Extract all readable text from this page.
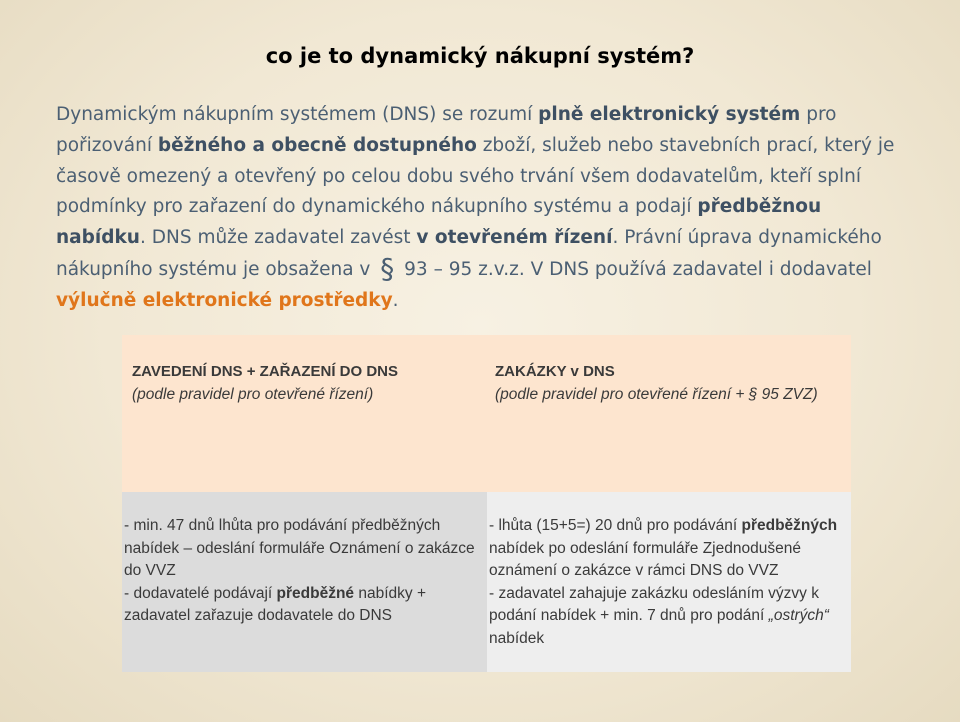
co je to dynamický nákupní systém?

Dynamickým nákupním systémem (DNS) se rozumí plně elektronický systém pro pořizování běžného a obecně dostupného zboží, služeb nebo stavebních prací, který je časově omezený a otevřený po celou dobu svého trvání všem dodavatelům, kteří splní podmínky pro zařazení do dynamického nákupního systému a podají předběžnou nabídku. DNS může zadavatel zavést v otevřeném řízení. Právní úprava dynamického nákupního systému je obsažena v § 93 – 95 z.v.z. V DNS používá zadavatel i dodavatel výlučně elektronické prostředky.

ZAVEDENÍ DNS + ZAŘAZENÍ DO DNS
(podle pravidel pro otevřené řízení)
ZAKÁZKY v DNS
(podle pravidel pro otevřené řízení + § 95 ZVZ)

- min. 47 dnů lhůta pro podávání předběžných nabídek – odeslání formuláře Oznámení o zakázce do VVZ

- dodavatelé podávají předběžné nabídky + zadavatel zařazuje dodavatele do DNS

- lhůta (15+5=) 20 dnů pro podávání předběžných nabídek po odeslání formuláře Zjednodušené oznámení o zakázce v rámci DNS do VVZ

- zadavatel zahajuje zakázku odesláním výzvy k podání nabídek + min. 7 dnů pro podání „ostrých“ nabídek
